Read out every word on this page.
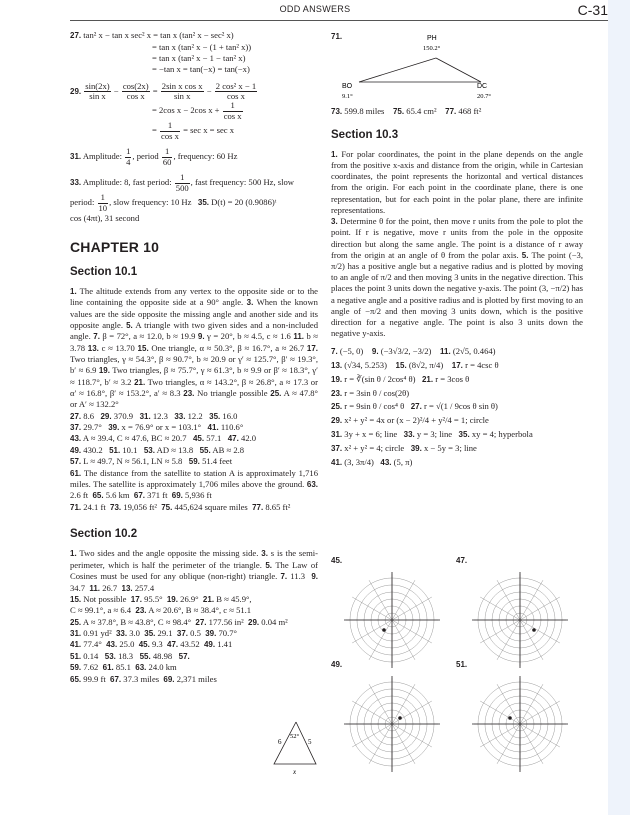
ODD ANSWERS	C-31
27. tan² x − tan x sec² x = tan x (tan² x − sec² x)

= tan x (tan² x − (1 + tan² x))
= tan x (tan² x − 1 − tan² x)
= −tan x = tan(−x) = tan(−x)
29. $\frac{\sin(2x)}{\text{sin x}} - \frac{\cos(2x)}{\text{cos x}} = \frac{\text{2sin x cos x}}{\text{sin x}} - \frac{\text{2 cos² x − 1}}{\text{cos x}}$
= 2cos x − 2cos $x + \frac{1}{\text{cos x}}$
= $\frac{1}{\text{cos x}} = \sec x = \sec x$
31. Amplitude: $\frac{1}{4}$ , period $\frac{1}{60}$ , frequency: 60 Hz
33. Amplitude: 8, fast period: $\frac{1}{500}$ , fast frequency: 500 Hz, slow
period: $\frac{1}{10}$ , slow frequency: 10 Hz 35. D(t) = 20 (0.9086)ᵗ
cos (4πt), 31 second
CHAPTER 10
Section 10.1
1. The altitude extends from any vertex to the opposite side or to the line containing the opposite side at a 90° angle. 3. When the known values are the side opposite the missing angle and another side and its opposite angle. 5. A triangle with two given sides and a non-included angle. 7. β = 72°, a ≈ 12.0, b ≈ 19.9 9. γ = 20°, b ≈ 4.5, c ≈ 1.6 11. b ≈ 3.78 13. c ≈ 13.70 15. One triangle, α ≈ 50.3°, β ≈ 16.7°, a ≈ 26.7 17. Two triangles, γ ≈ 54.3°, β ≈ 90.7°, b ≈ 20.9 or γ′ ≈ 125.7°, β′ ≈ 19.3°, b′ ≈ 6.9 19. Two triangles, β ≈ 75.7°, γ ≈ 61.3°, b ≈ 9.9 or β′ ≈ 18.3°, γ′ ≈ 118.7°, b′ ≈ 3.2 21. Two triangles, α ≈ 143.2°, β ≈ 26.8°, a ≈ 17.3 or α′ ≈ 16.8°, β′ ≈ 153.2°, a′ ≈ 8.3 23. No triangle possible 25. A ≈ 47.8° or A′ ≈ 132.2°
27. 8.6 29. 370.9 31. 12.3 33. 12.2 35. 16.0
37. 29.7° 39. x = 76.9° or x = 103.1° 41. 110.6°
43. A ≈ 39.4, C ≈ 47.6, BC ≈ 20.7 45. 57.1 47. 42.0
49. 430.2 51. 10.1 53. AD ≈ 13.8 55. AB ≈ 2.8
57. L ≈ 49.7, N ≈ 56.1, LN ≈ 5.8 59. 51.4 feet
61. The distance from the satellite to station A is approximately 1,716 miles. The satellite is approximately 1,706 miles above the ground. 63. 2.6 ft 65. 5.6 km 67. 371 ft 69. 5,936 ft
71. 24.1 ft 73. 19,056 ft² 75. 445,624 square miles 77. 8.65 ft²
Section 10.2
1. Two sides and the angle opposite the missing side. 3. s is the semi-perimeter, which is half the perimeter of the triangle. 5. The Law of Cosines must be used for any oblique (non-right) triangle. 7. 11.3 9. 34.7 11. 26.7 13. 257.4
15. Not possible 17. 95.5° 19. 26.9° 21. B ≈ 45.9°,
C ≈ 99.1°, a ≈ 6.4 23. A ≈ 20.6°, B ≈ 38.4°, c ≈ 51.1
25. A ≈ 37.8°, B ≈ 43.8°, C ≈ 98.4° 27. 177.56 in² 29. 0.04 m²
31. 0.91 yd² 33. 3.0 35. 29.1 37. 0.5 39. 70.7°
41. 77.4° 43. 25.0 45. 9.3 47. 43.52 49. 1.41
51. 0.14 53. 18.3 55. 48.98 57.
59. 7.62 61. 85.1 63. 24.0 km
65. 99.9 ft 67. 37.3 miles 69. 2,371 miles
6	5
52°
x
71.	PH
150.2°
BO
9.1°
DC
20.7°
73. 599.8 miles 75. 65.4 cm² 77. 468 ft²
Section 10.3
1. For polar coordinates, the point in the plane depends on the angle from the positive x-axis and distance from the origin, while in Cartesian coordinates, the point represents the horizontal and vertical distances from the origin. For each point in the coordinate plane, there is one representation, but for each point in the polar plane, there are infinite representations.
3. Determine θ for the point, then move r units from the pole to plot the point. If r is negative, move r units from the pole in the opposite direction but along the same angle. The point is a distance of r away from the origin at an angle of θ from the polar axis. 5. The point (−3, π/2) has a positive angle but a negative radius and is plotted by moving to an angle of π/2 and then moving 3 units in the negative direction. This places the point 3 units down the negative y-axis. The point (3, −π/2) has a negative angle and a positive radius and is plotted by first moving to an angle of −π/2 and then moving 3 units down, which is the positive direction for a negative angle. The point is also 3 units down the negative y-axis.
7. (−5, 0) 9. (−3√3/2, −3/2) 11. (2√5, 0.464)
13. (√34, 5.253) 15. (8√2, π/4) 17. r = 4csc θ
19. r = ∛(sin θ / 2cos⁴ θ) 21. r = 3cos θ
23. r = 3sin θ / cos(2θ)
25. r = 9sin θ / cos⁴ θ 27. r = √(1 / 9cos θ sin θ)
29. x² + y² = 4x or (x − 2)²/4 + y²/4 = 1; circle
31. 3y + x = 6; line 33. y = 3; line 35. xy = 4; hyperbola
37. x² + y² = 4; circle 39. x − 5y = 3; line
41. (3, 3π/4) 43. (5, π)
45.	47.
49.	51.
